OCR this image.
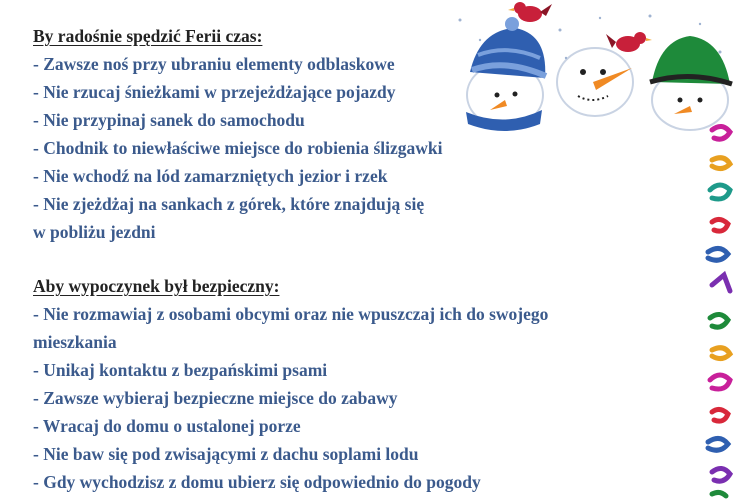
By radośnie spędzić Ferii czas:
- Zawsze noś przy ubraniu elementy odblaskowe
- Nie rzucaj śnieżkami w przejeżdżające pojazdy
- Nie przypinaj sanek do samochodu
- Chodnik to niewłaściwe miejsce do robienia ślizgawki
- Nie wchodź na lód zamarzniętych jezior i rzek
- Nie zjeżdżaj na sankach z górek, które znajdują się
w pobliżu jezdni
Aby wypoczynek był bezpieczny:
- Nie rozmawiaj z osobami obcymi oraz nie wpuszczaj ich do swojego
mieszkania
- Unikaj kontaktu z bezpańskimi psami
- Zawsze wybieraj bezpieczne miejsce do zabawy
- Wracaj do domu o ustalonej porze
- Nie baw się pod zwisającymi z dachu soplami lodu
- Gdy wychodzisz z domu ubierz się odpowiednio do pogody
